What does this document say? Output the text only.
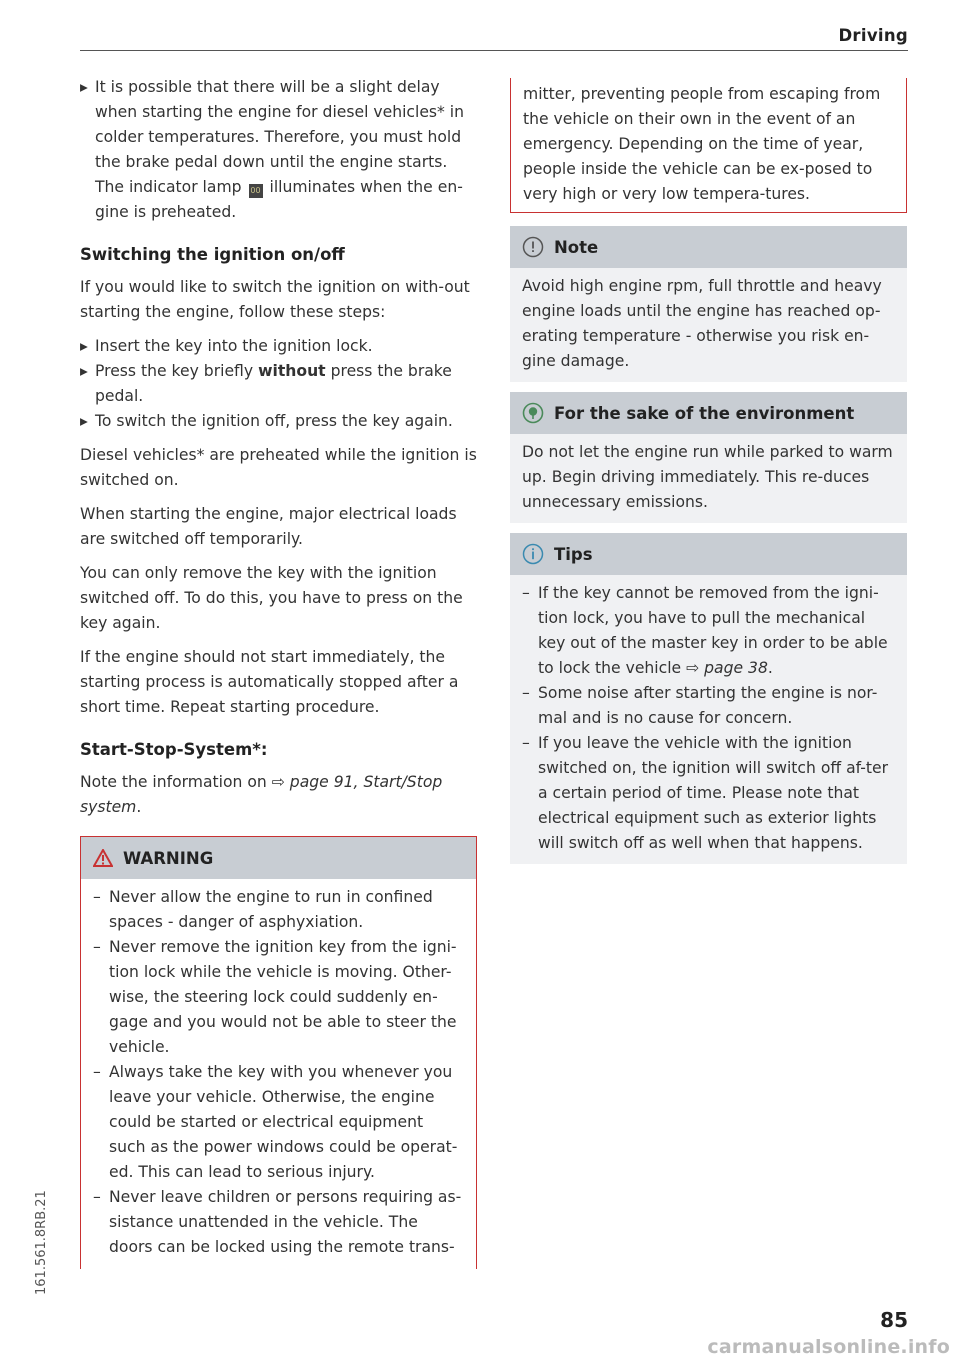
Driving

▸ It is possible that there will be a slight delay when starting the engine for diesel vehicles* in colder temperatures. Therefore, you must hold the brake pedal down until the engine starts. The indicator lamp 00 illuminates when the en-gine is preheated.

Switching the ignition on/off

If you would like to switch the ignition on with-out starting the engine, follow these steps:

▸ Insert the key into the ignition lock.

▸ Press the key briefly without press the brake pedal.

▸ To switch the ignition off, press the key again.

Diesel vehicles* are preheated while the ignition is switched on.

When starting the engine, major electrical loads are switched off temporarily.

You can only remove the key with the ignition switched off. To do this, you have to press on the key again.

If the engine should not start immediately, the starting process is automatically stopped after a short time. Repeat starting procedure.

Start-Stop-System*:

Note the information on ⇨ page 91, Start/Stop system.

WARNING

– Never allow the engine to run in confined spaces - danger of asphyxiation.

– Never remove the ignition key from the igni-tion lock while the vehicle is moving. Other-wise, the steering lock could suddenly en-gage and you would not be able to steer the vehicle.

– Always take the key with you whenever you leave your vehicle. Otherwise, the engine could be started or electrical equipment such as the power windows could be operat-ed. This can lead to serious injury.

– Never leave children or persons requiring as-sistance unattended in the vehicle. The doors can be locked using the remote trans-

mitter, preventing people from escaping from the vehicle on their own in the event of an emergency. Depending on the time of year, people inside the vehicle can be ex-posed to very high or very low tempera-tures.

Note

Avoid high engine rpm, full throttle and heavy engine loads until the engine has reached op-erating temperature - otherwise you risk en-gine damage.

For the sake of the environment

Do not let the engine run while parked to warm up. Begin driving immediately. This re-duces unnecessary emissions.

Tips

– If the key cannot be removed from the igni-tion lock, you have to pull the mechanical key out of the master key in order to be able to lock the vehicle ⇨ page 38.

– Some noise after starting the engine is nor-mal and is no cause for concern.

– If you leave the vehicle with the ignition switched on, the ignition will switch off af-ter a certain period of time. Please note that electrical equipment such as exterior lights will switch off as well when that happens.

161.561.8RB.21
85
carmanualsonline.info
